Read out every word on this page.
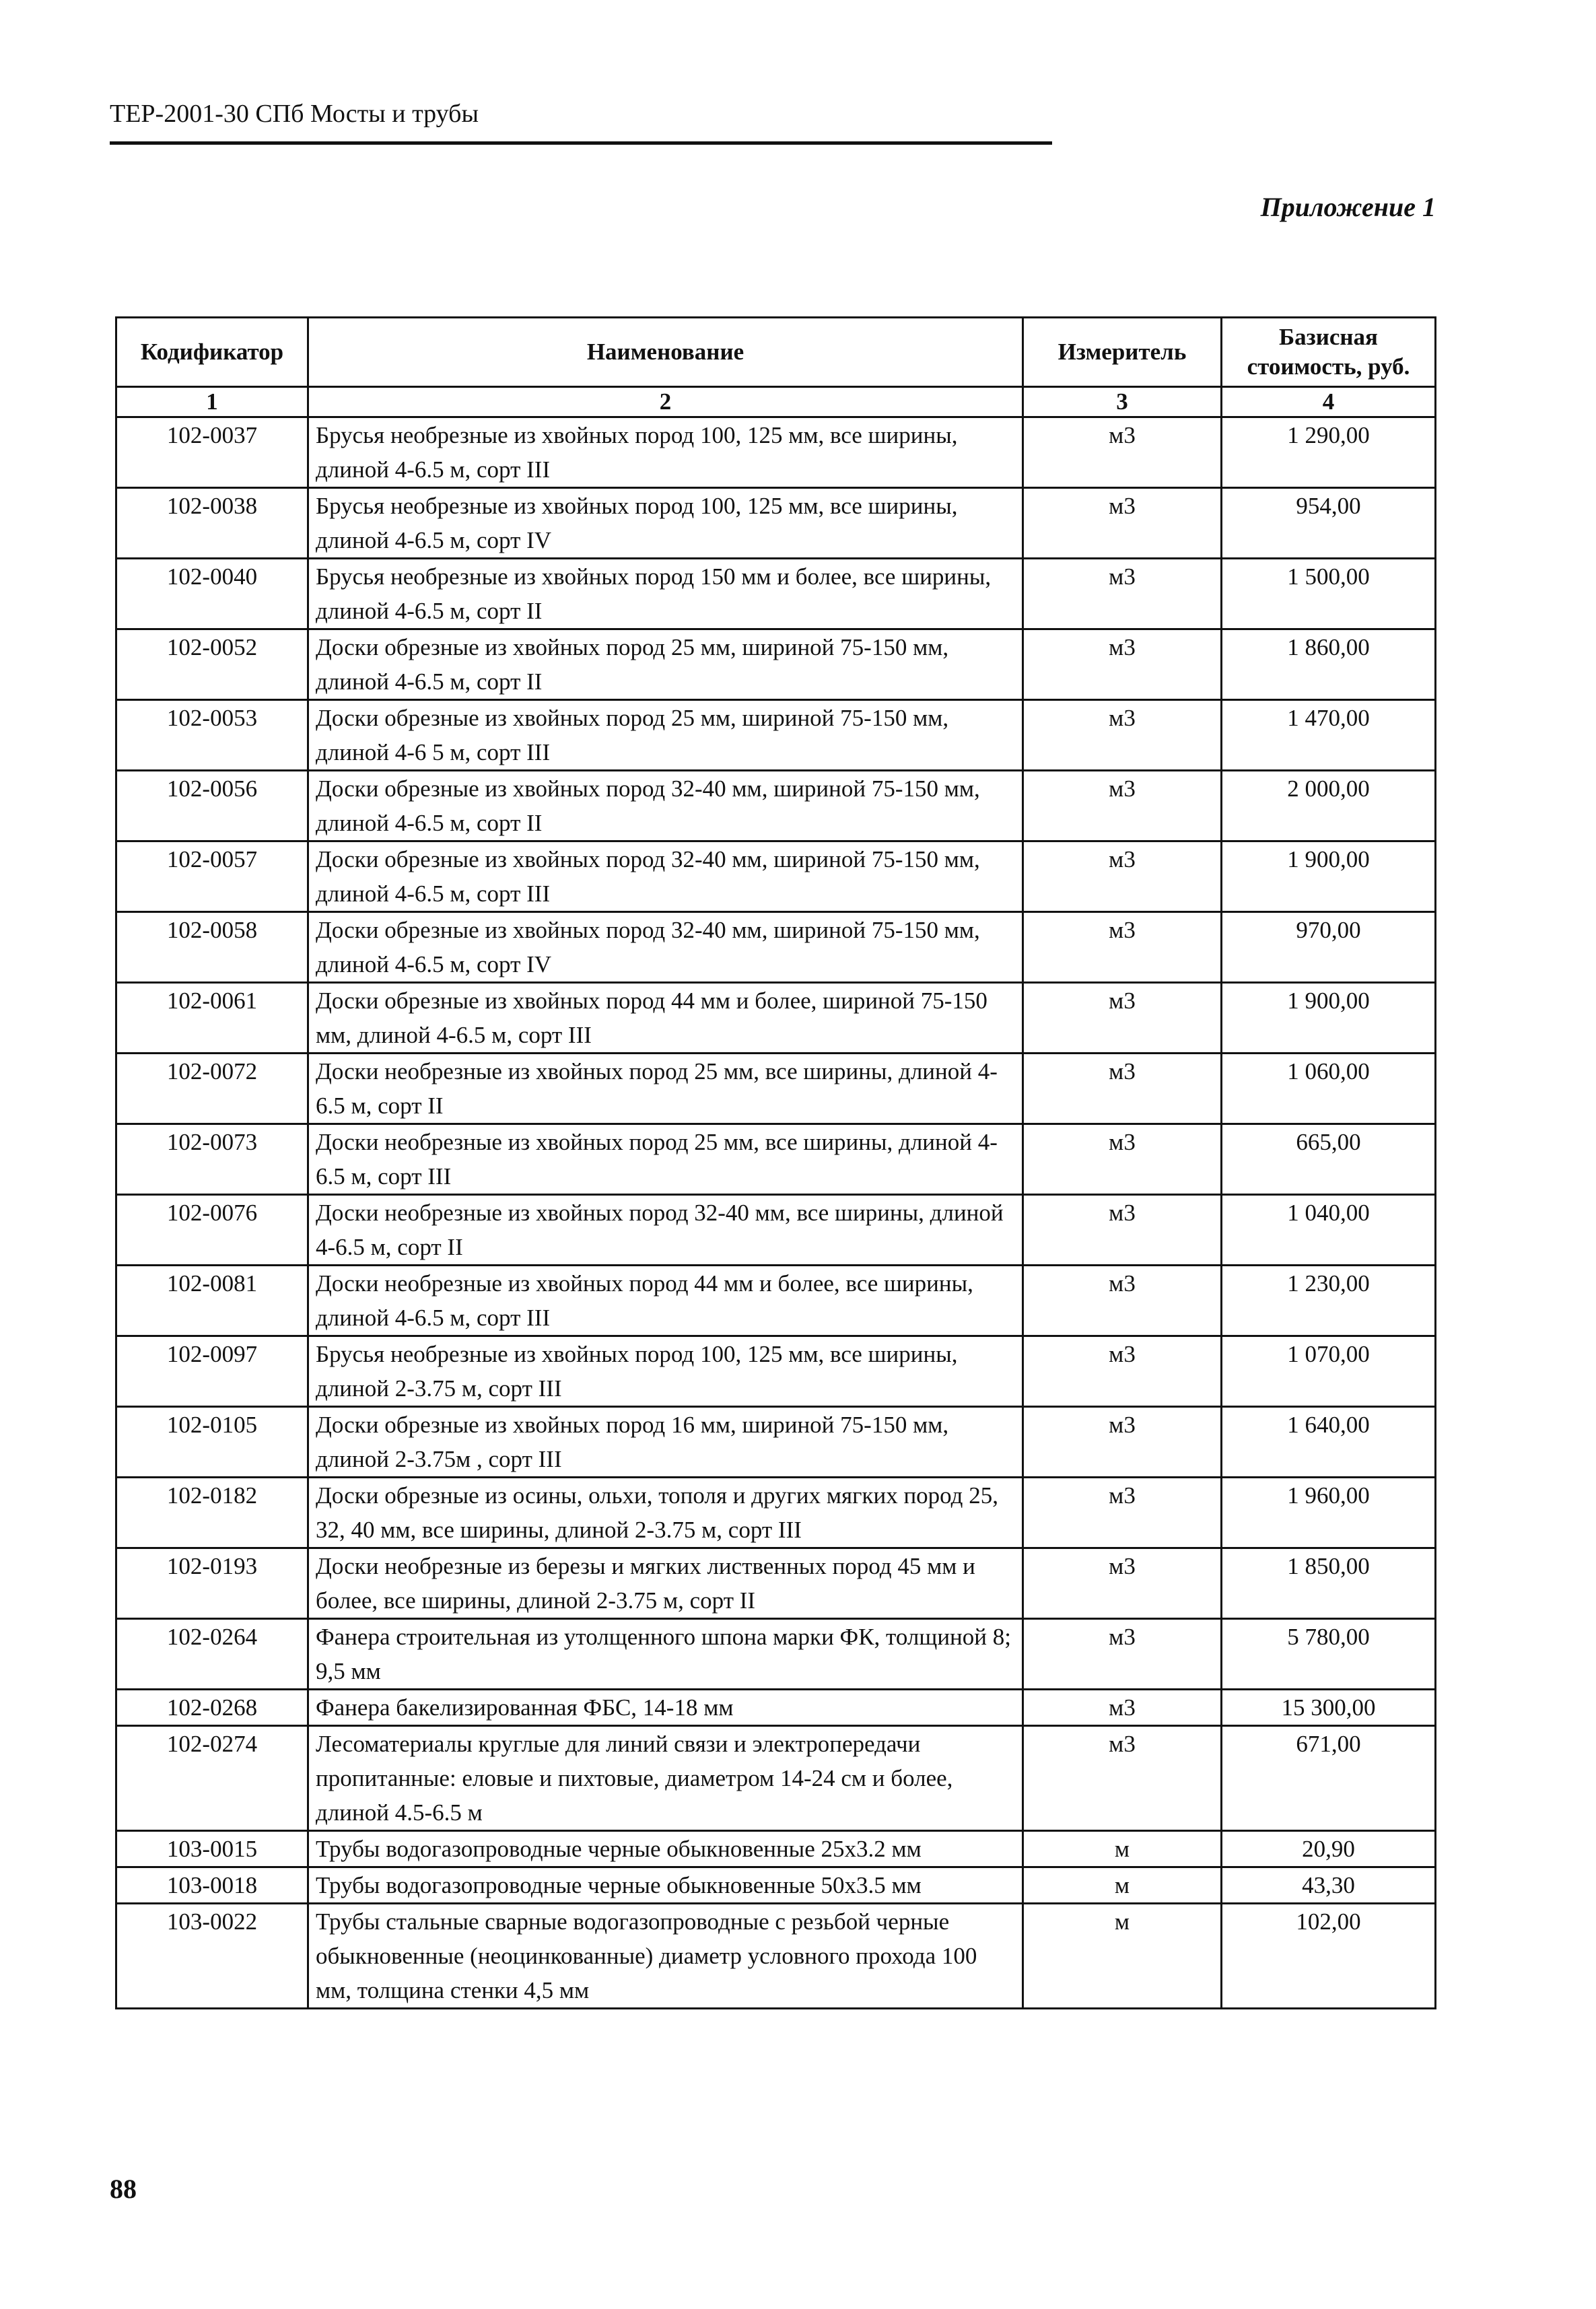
ТЕР-2001-30 СПб Мосты и трубы
Приложение 1
Кодификатор	Наименование	Измеритель	Базисная стоимость, руб.
1	2	3	4
102-0037	Брусья необрезные из хвойных пород 100, 125 мм, все ширины, длиной 4-6.5 м, сорт III	м3	1 290,00
102-0038	Брусья необрезные из хвойных пород 100, 125 мм, все ширины, длиной 4-6.5 м, сорт IV	м3	954,00
102-0040	Брусья необрезные из хвойных пород 150 мм и более, все ширины, длиной 4-6.5 м, сорт II	м3	1 500,00
102-0052	Доски обрезные из хвойных пород 25 мм, шириной 75-150 мм, длиной 4-6.5 м, сорт II	м3	1 860,00
102-0053	Доски обрезные из хвойных пород 25 мм, шириной 75-150 мм, длиной 4-6 5 м, сорт III	м3	1 470,00
102-0056	Доски обрезные из хвойных пород 32-40 мм, шириной 75-150 мм, длиной 4-6.5 м, сорт II	м3	2 000,00
102-0057	Доски обрезные из хвойных пород 32-40 мм, шириной 75-150 мм, длиной 4-6.5 м, сорт III	м3	1 900,00
102-0058	Доски обрезные из хвойных пород 32-40 мм, шириной 75-150 мм, длиной 4-6.5 м, сорт IV	м3	970,00
102-0061	Доски обрезные из хвойных пород 44 мм и более, шириной 75-150 мм, длиной 4-6.5 м, сорт III	м3	1 900,00
102-0072	Доски необрезные из хвойных пород 25 мм, все ширины, длиной 4-6.5 м, сорт II	м3	1 060,00
102-0073	Доски необрезные из хвойных пород 25 мм, все ширины, длиной 4-6.5 м, сорт III	м3	665,00
102-0076	Доски необрезные из хвойных пород 32-40 мм, все ширины, длиной 4-6.5 м, сорт II	м3	1 040,00
102-0081	Доски необрезные из хвойных пород 44 мм и более, все ширины, длиной 4-6.5 м, сорт III	м3	1 230,00
102-0097	Брусья необрезные из хвойных пород 100, 125 мм, все ширины, длиной 2-3.75 м, сорт III	м3	1 070,00
102-0105	Доски обрезные из хвойных пород 16 мм, шириной 75-150 мм, длиной 2-3.75м , сорт III	м3	1 640,00
102-0182	Доски обрезные из осины, ольхи, тополя и других мягких пород 25, 32, 40 мм, все ширины, длиной 2-3.75 м, сорт III	м3	1 960,00
102-0193	Доски необрезные из березы и мягких лиственных пород 45 мм и более, все ширины, длиной 2-3.75 м, сорт II	м3	1 850,00
102-0264	Фанера строительная из утолщенного шпона марки ФК, толщиной 8; 9,5 мм	м3	5 780,00
102-0268	Фанера бакелизированная ФБС, 14-18 мм	м3	15 300,00
102-0274	Лесоматериалы круглые для линий связи и электропередачи пропитанные: еловые и пихтовые, диаметром 14-24 см и более, длиной 4.5-6.5 м	м3	671,00
103-0015	Трубы водогазопроводные черные обыкновенные 25х3.2 мм	м	20,90
103-0018	Трубы водогазопроводные черные обыкновенные 50х3.5 мм	м	43,30
103-0022	Трубы стальные сварные водогазопроводные с резьбой черные обыкновенные (неоцинкованные) диаметр условного прохода 100 мм, толщина стенки 4,5 мм	м	102,00
88
